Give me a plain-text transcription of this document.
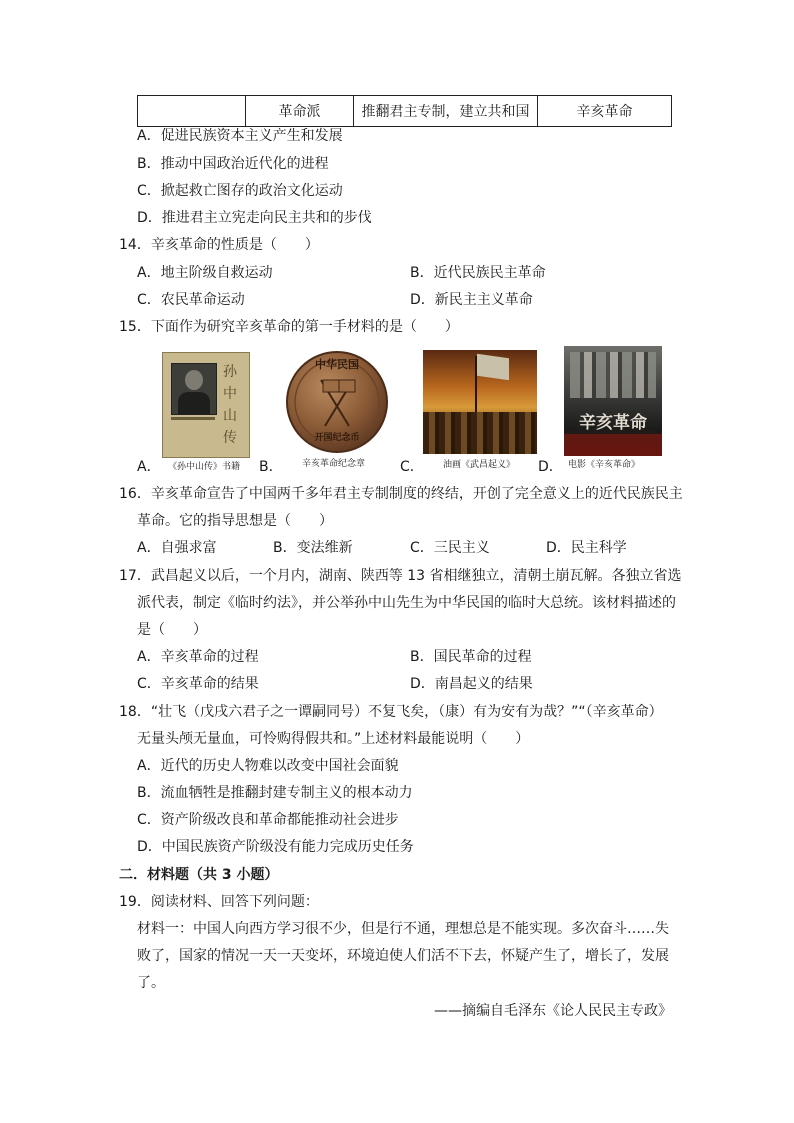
	革命派	推翻君主专制，建立共和国	辛亥革命
A．促进民族资本主义产生和发展
B．推动中国政治近代化的进程
C．掀起救亡图存的政治文化运动
D．推进君主立宪走向民主共和的步伐
14．辛亥革命的性质是（　　）
A．地主阶级自救运动	B．近代民族民主革命
C．农民革命运动	D．新民主主义革命
15．下面作为研究辛亥革命的第一手材料的是（　　）
孙中山传
A． 《孙中山传》书籍
中华民国
开国纪念币
B． 辛亥革命纪念章 C． 油画《武昌起义》
辛亥革命
D． 电影《辛亥革命》
16．辛亥革命宣告了中国两千多年君主专制制度的终结，开创了完全意义上的近代民族民主
革命。它的指导思想是（　　）
A．自强求富	B．变法维新	C．三民主义	D．民主科学
17．武昌起义以后，一个月内，湖南、陕西等 13 省相继独立，清朝土崩瓦解。各独立省选
派代表，制定《临时约法》，并公举孙中山先生为中华民国的临时大总统。该材料描述的
是（　　）
A．辛亥革命的过程	B．国民革命的过程
C．辛亥革命的结果	D．南昌起义的结果
18．“壮飞（戊戌六君子之一谭嗣同号）不复飞矣，（康）有为安有为哉？”“（辛亥革命）
无量头颅无量血，可怜购得假共和。”上述材料最能说明（　　）
A．近代的历史人物难以改变中国社会面貌
B．流血牺牲是推翻封建专制主义的根本动力
C．资产阶级改良和革命都能推动社会进步
D．中国民族资产阶级没有能力完成历史任务
二．材料题（共 3 小题）
19．阅读材料、回答下列问题：
材料一：中国人向西方学习很不少，但是行不通，理想总是不能实现。多次奋斗……失
败了，国家的情况一天一天变坏，环境迫使人们活不下去，怀疑产生了，增长了，发展
了。
——摘编自毛泽东《论人民民主专政》
